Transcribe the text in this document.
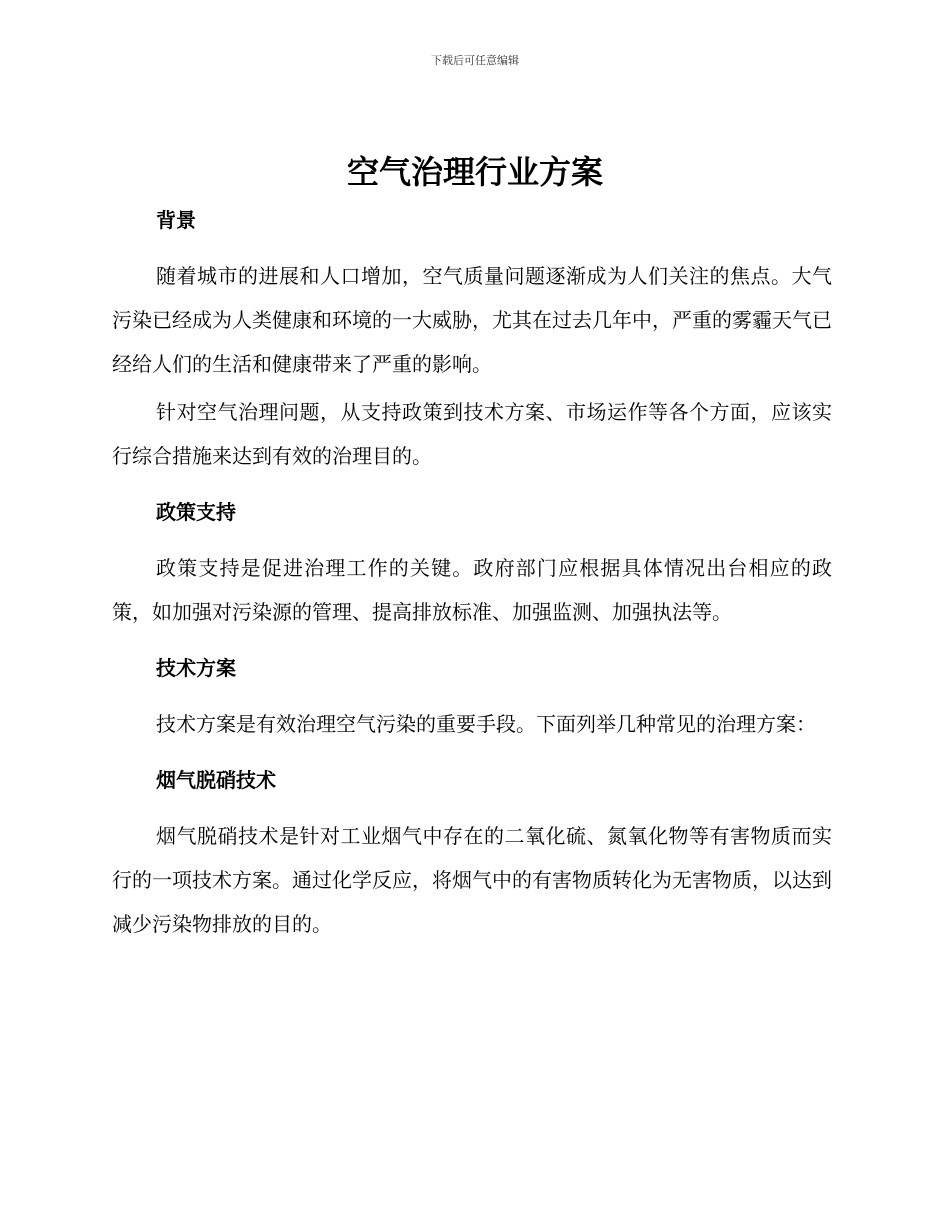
下载后可任意编辑
空气治理行业方案
背景

随着城市的进展和人口增加，空气质量问题逐渐成为人们关注的焦点。大气污染已经成为人类健康和环境的一大威胁，尤其在过去几年中，严重的雾霾天气已经给人们的生活和健康带来了严重的影响。

针对空气治理问题，从支持政策到技术方案、市场运作等各个方面，应该实行综合措施来达到有效的治理目的。

政策支持

政策支持是促进治理工作的关键。政府部门应根据具体情况出台相应的政策，如加强对污染源的管理、提高排放标准、加强监测、加强执法等。

技术方案

技术方案是有效治理空气污染的重要手段。下面列举几种常见的治理方案：

烟气脱硝技术

烟气脱硝技术是针对工业烟气中存在的二氧化硫、氮氧化物等有害物质而实行的一项技术方案。通过化学反应，将烟气中的有害物质转化为无害物质，以达到减少污染物排放的目的。
